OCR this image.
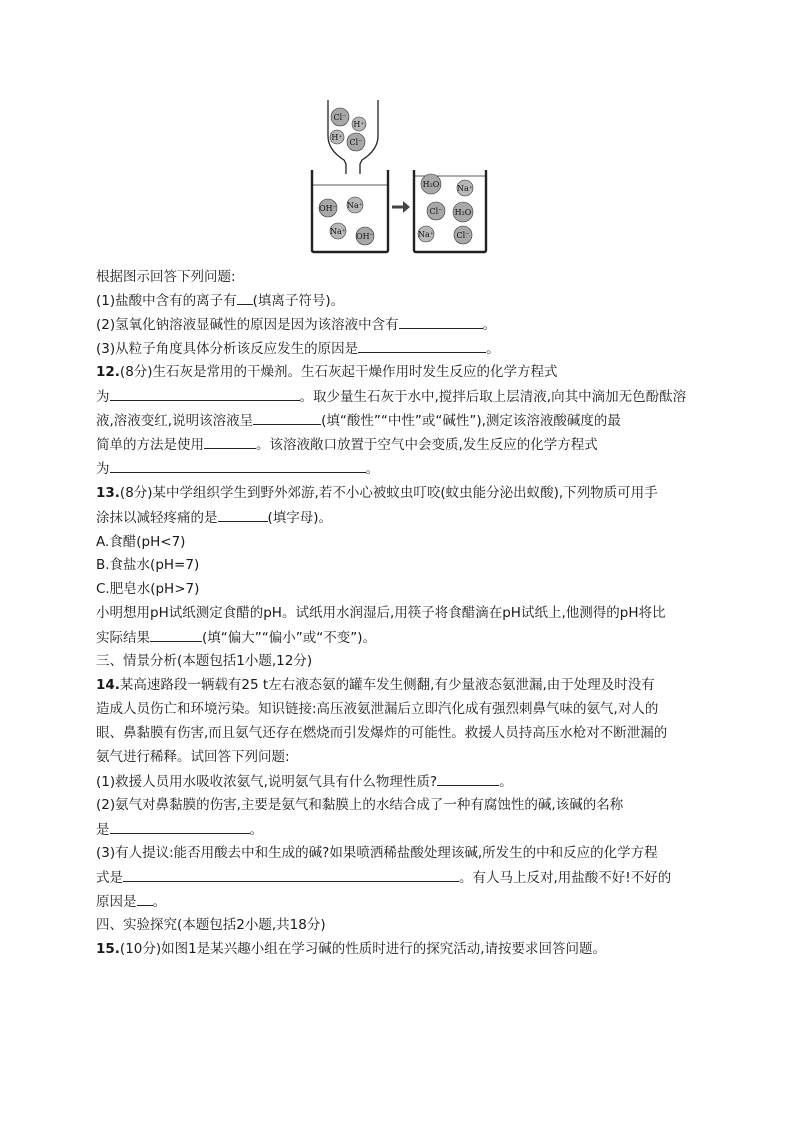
Cl⁻
H⁺
H⁺
Cl⁻
OH⁻ Na⁺
Na⁺
OH⁻
H₂O Na⁺
Cl⁻ H₂O
Na⁺	Cl⁻
根据图示回答下列问题:
(1)盐酸中含有的离子有 (填离子符号)。
(2)氢氧化钠溶液显碱性的原因是因为该溶液中含有	。
(3)从粒子角度具体分析该反应发生的原因是	。
12.(8分)生石灰是常用的干燥剂。生石灰起干燥作用时发生反应的化学方程式
为	。取少量生石灰于水中,搅拌后取上层清液,向其中滴加无色酚酞溶
液,溶液变红,说明该溶液呈	(填“酸性”“中性”或“碱性”),测定该溶液酸碱度的最
简单的方法是使用	。该溶液敞口放置于空气中会变质,发生反应的化学方程式
为	。
13.(8分)某中学组织学生到野外郊游,若不小心被蚊虫叮咬(蚊虫能分泌出蚁酸),下列物质可用手
涂抹以减轻疼痛的是	(填字母)。
A.食醋(pH<7)
B.食盐水(pH=7)
C.肥皂水(pH>7)
小明想用pH试纸测定食醋的pH。试纸用水润湿后,用筷子将食醋滴在pH试纸上,他测得的pH将比
实际结果	(填“偏大”“偏小”或“不变”)。
三、情景分析(本题包括1小题,12分)
14.某高速路段一辆载有25 t左右液态氨的罐车发生侧翻,有少量液态氨泄漏,由于处理及时没有
造成人员伤亡和环境污染。知识链接:高压液氨泄漏后立即汽化成有强烈刺鼻气味的氨气,对人的
眼、鼻黏膜有伤害,而且氨气还存在燃烧而引发爆炸的可能性。救援人员持高压水枪对不断泄漏的
氨气进行稀释。试回答下列问题:
(1)救援人员用水吸收浓氨气,说明氨气具有什么物理性质?	。
(2)氨气对鼻黏膜的伤害,主要是氨气和黏膜上的水结合成了一种有腐蚀性的碱,该碱的名称
是	。
(3)有人提议:能否用酸去中和生成的碱?如果喷洒稀盐酸处理该碱,所发生的中和反应的化学方程
式是	。有人马上反对,用盐酸不好!不好的
原因是 。
四、实验探究(本题包括2小题,共18分)
15.(10分)如图1是某兴趣小组在学习碱的性质时进行的探究活动,请按要求回答问题。
